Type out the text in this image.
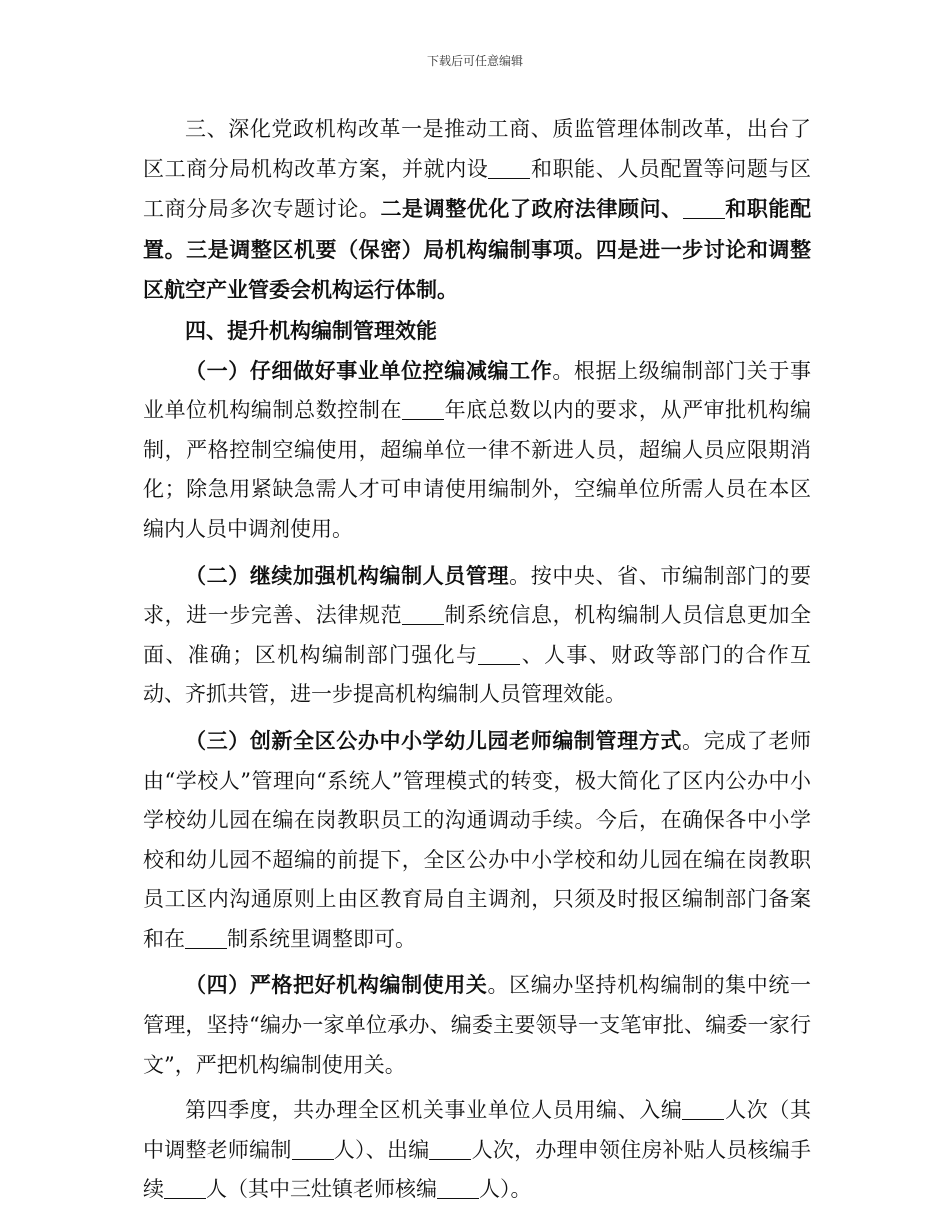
下载后可任意编辑

三、深化党政机构改革一是推动工商、质监管理体制改革，出台了区工商分局机构改革方案，并就内设 和职能、人员配置等问题与区工商分局多次专题讨论。二是调整优化了政府法律顾问、 和职能配置。三是调整区机要（保密）局机构编制事项。四是进一步讨论和调整区航空产业管委会机构运行体制。

四、提升机构编制管理效能

（一）仔细做好事业单位控编减编工作。根据上级编制部门关于事业单位机构编制总数控制在 年底总数以内的要求，从严审批机构编制，严格控制空编使用，超编单位一律不新进人员，超编人员应限期消化；除急用紧缺急需人才可申请使用编制外，空编单位所需人员在本区编内人员中调剂使用。

（二）继续加强机构编制人员管理。按中央、省、市编制部门的要求，进一步完善、法律规范 制系统信息，机构编制人员信息更加全面、准确；区机构编制部门强化与 、人事、财政等部门的合作互动、齐抓共管，进一步提高机构编制人员管理效能。

（三）创新全区公办中小学幼儿园老师编制管理方式。完成了老师由“学校人”管理向“系统人”管理模式的转变，极大简化了区内公办中小学校幼儿园在编在岗教职员工的沟通调动手续。今后，在确保各中小学校和幼儿园不超编的前提下，全区公办中小学校和幼儿园在编在岗教职员工区内沟通原则上由区教育局自主调剂，只须及时报区编制部门备案和在 制系统里调整即可。

（四）严格把好机构编制使用关。区编办坚持机构编制的集中统一管理，坚持“编办一家单位承办、编委主要领导一支笔审批、编委一家行文”，严把机构编制使用关。

第四季度，共办理全区机关事业单位人员用编、入编 人次（其中调整老师编制 人）、出编 人次，办理申领住房补贴人员核编手续 人（其中三灶镇老师核编 人）。
